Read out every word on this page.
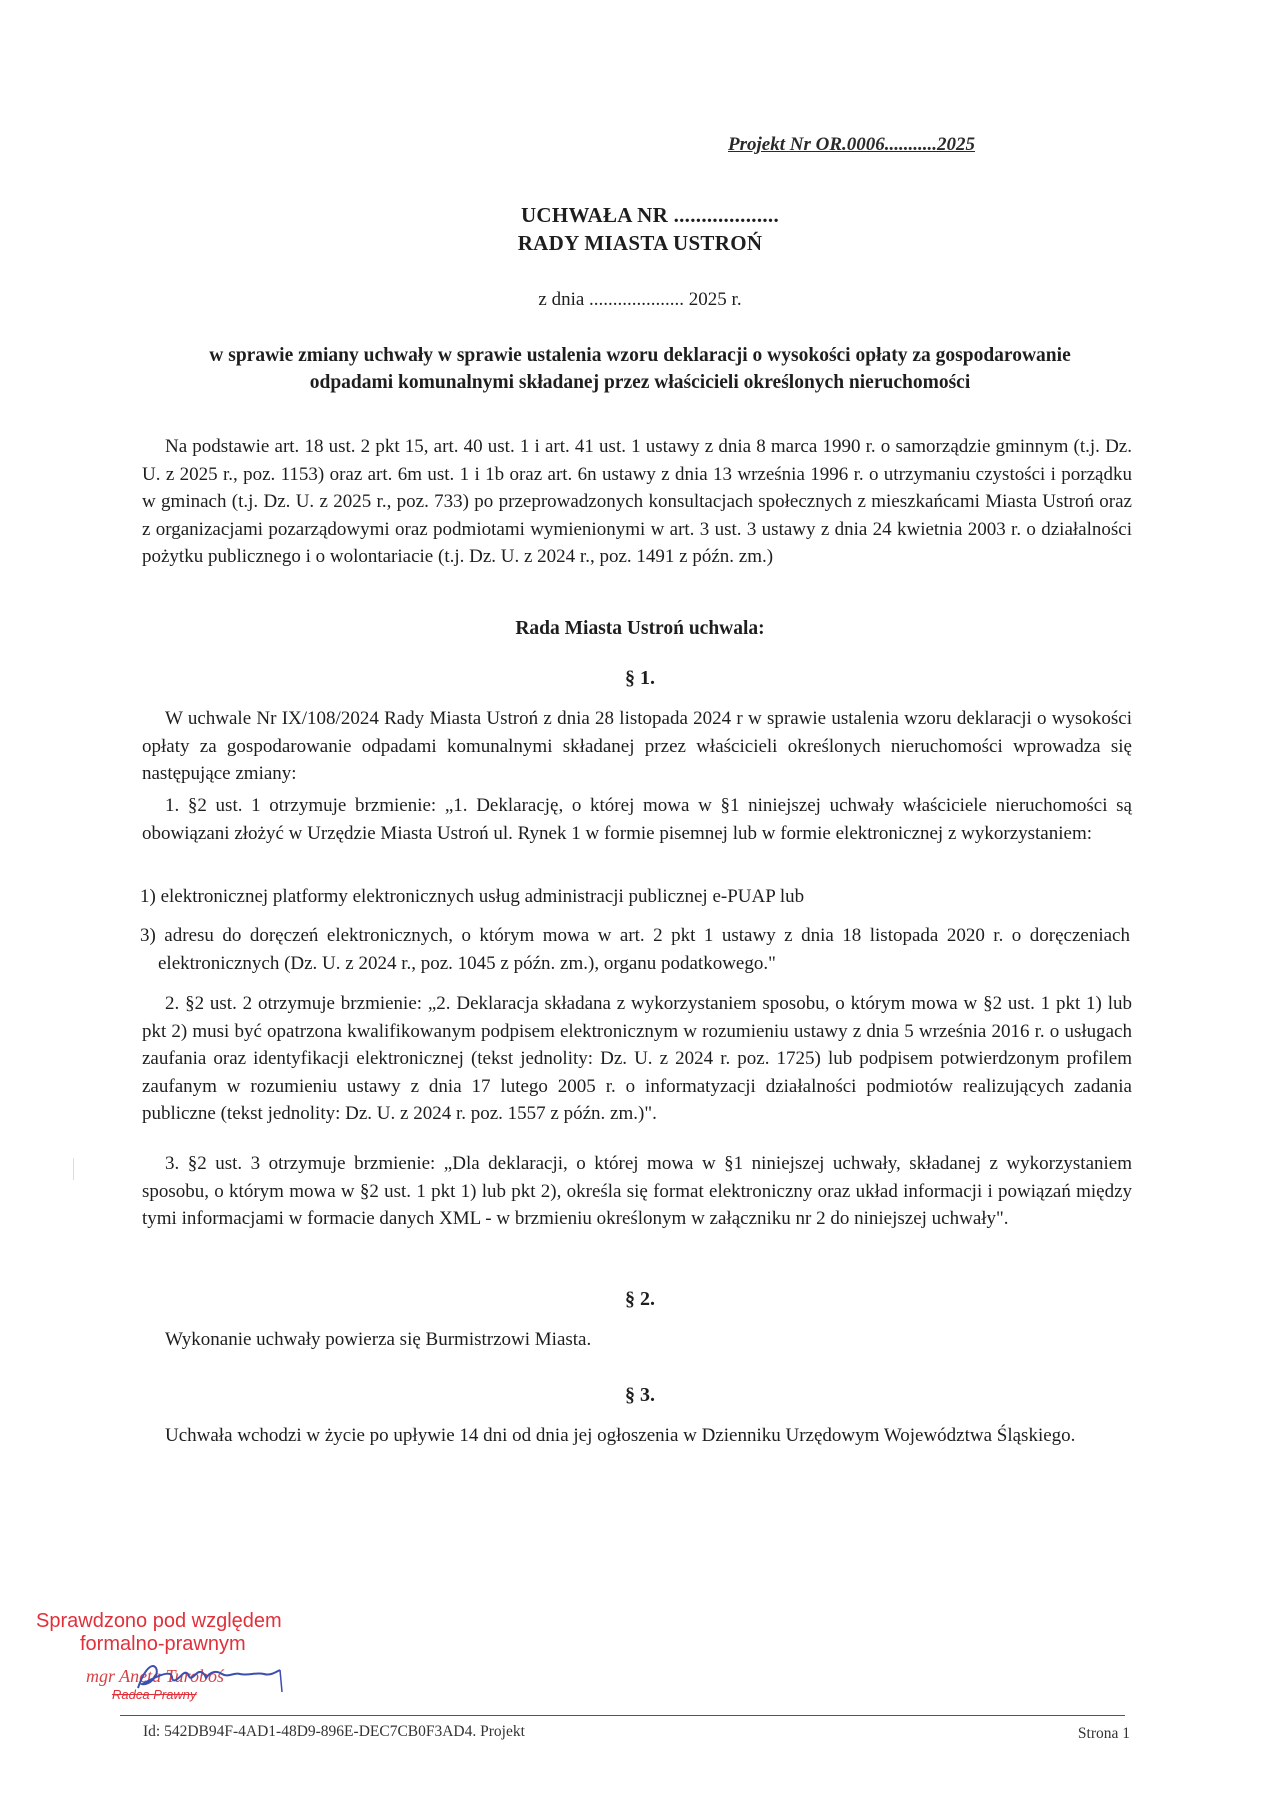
Projekt Nr OR.0006...........2025
UCHWAŁA NR ...................
RADY MIASTA USTROŃ
z dnia .................... 2025 r.
w sprawie zmiany uchwały w sprawie ustalenia wzoru deklaracji o wysokości opłaty za gospodarowanie
odpadami komunalnymi składanej przez właścicieli określonych nieruchomości
Na podstawie art. 18 ust. 2 pkt 15, art. 40 ust. 1 i art. 41 ust. 1 ustawy z dnia 8 marca 1990 r. o samorządzie gminnym (t.j. Dz. U. z 2025 r., poz. 1153) oraz art. 6m ust. 1 i 1b oraz art. 6n ustawy z dnia 13 września 1996 r. o utrzymaniu czystości i porządku w gminach (t.j. Dz. U. z 2025 r., poz. 733) po przeprowadzonych konsultacjach społecznych z mieszkańcami Miasta Ustroń oraz z organizacjami pozarządowymi oraz podmiotami wymienionymi w art. 3 ust. 3 ustawy z dnia 24 kwietnia 2003 r. o działalności pożytku publicznego i o wolontariacie (t.j. Dz. U. z 2024 r., poz. 1491 z późn. zm.)
Rada Miasta Ustroń uchwala:
§ 1.
W uchwale Nr IX/108/2024 Rady Miasta Ustroń z dnia 28 listopada 2024 r w sprawie ustalenia wzoru deklaracji o wysokości opłaty za gospodarowanie odpadami komunalnymi składanej przez właścicieli określonych nieruchomości wprowadza się następujące zmiany:
1. §2 ust. 1 otrzymuje brzmienie: „1. Deklarację, o której mowa w §1 niniejszej uchwały właściciele nieruchomości są obowiązani złożyć w Urzędzie Miasta Ustroń ul. Rynek 1 w formie pisemnej lub w formie elektronicznej z wykorzystaniem:
1) elektronicznej platformy elektronicznych usług administracji publicznej e-PUAP lub
3) adresu do doręczeń elektronicznych, o którym mowa w art. 2 pkt 1 ustawy z dnia 18 listopada 2020 r. o doręczeniach elektronicznych (Dz. U. z 2024 r., poz. 1045 z późn. zm.), organu podatkowego."
2. §2 ust. 2 otrzymuje brzmienie: „2. Deklaracja składana z wykorzystaniem sposobu, o którym mowa w §2 ust. 1 pkt 1) lub pkt 2) musi być opatrzona kwalifikowanym podpisem elektronicznym w rozumieniu ustawy z dnia 5 września 2016 r. o usługach zaufania oraz identyfikacji elektronicznej (tekst jednolity: Dz. U. z 2024 r. poz. 1725) lub podpisem potwierdzonym profilem zaufanym w rozumieniu ustawy z dnia 17 lutego 2005 r. o informatyzacji działalności podmiotów realizujących zadania publiczne (tekst jednolity: Dz. U. z 2024 r. poz. 1557 z późn. zm.)".
3. §2 ust. 3 otrzymuje brzmienie: „Dla deklaracji, o której mowa w §1 niniejszej uchwały, składanej z wykorzystaniem sposobu, o którym mowa w §2 ust. 1 pkt 1) lub pkt 2), określa się format elektroniczny oraz układ informacji i powiązań między tymi informacjami w formacie danych XML - w brzmieniu określonym w załączniku nr 2 do niniejszej uchwały".
§ 2.
Wykonanie uchwały powierza się Burmistrzowi Miasta.
§ 3.
Uchwała wchodzi w życie po upływie 14 dni od dnia jej ogłoszenia w Dzienniku Urzędowym Województwa Śląskiego.
Sprawdzono pod względem
formalno-prawnym
mgr Aneta Turoboś
Radca Prawny
Id: 542DB94F-4AD1-48D9-896E-DEC7CB0F3AD4. Projekt	Strona 1
